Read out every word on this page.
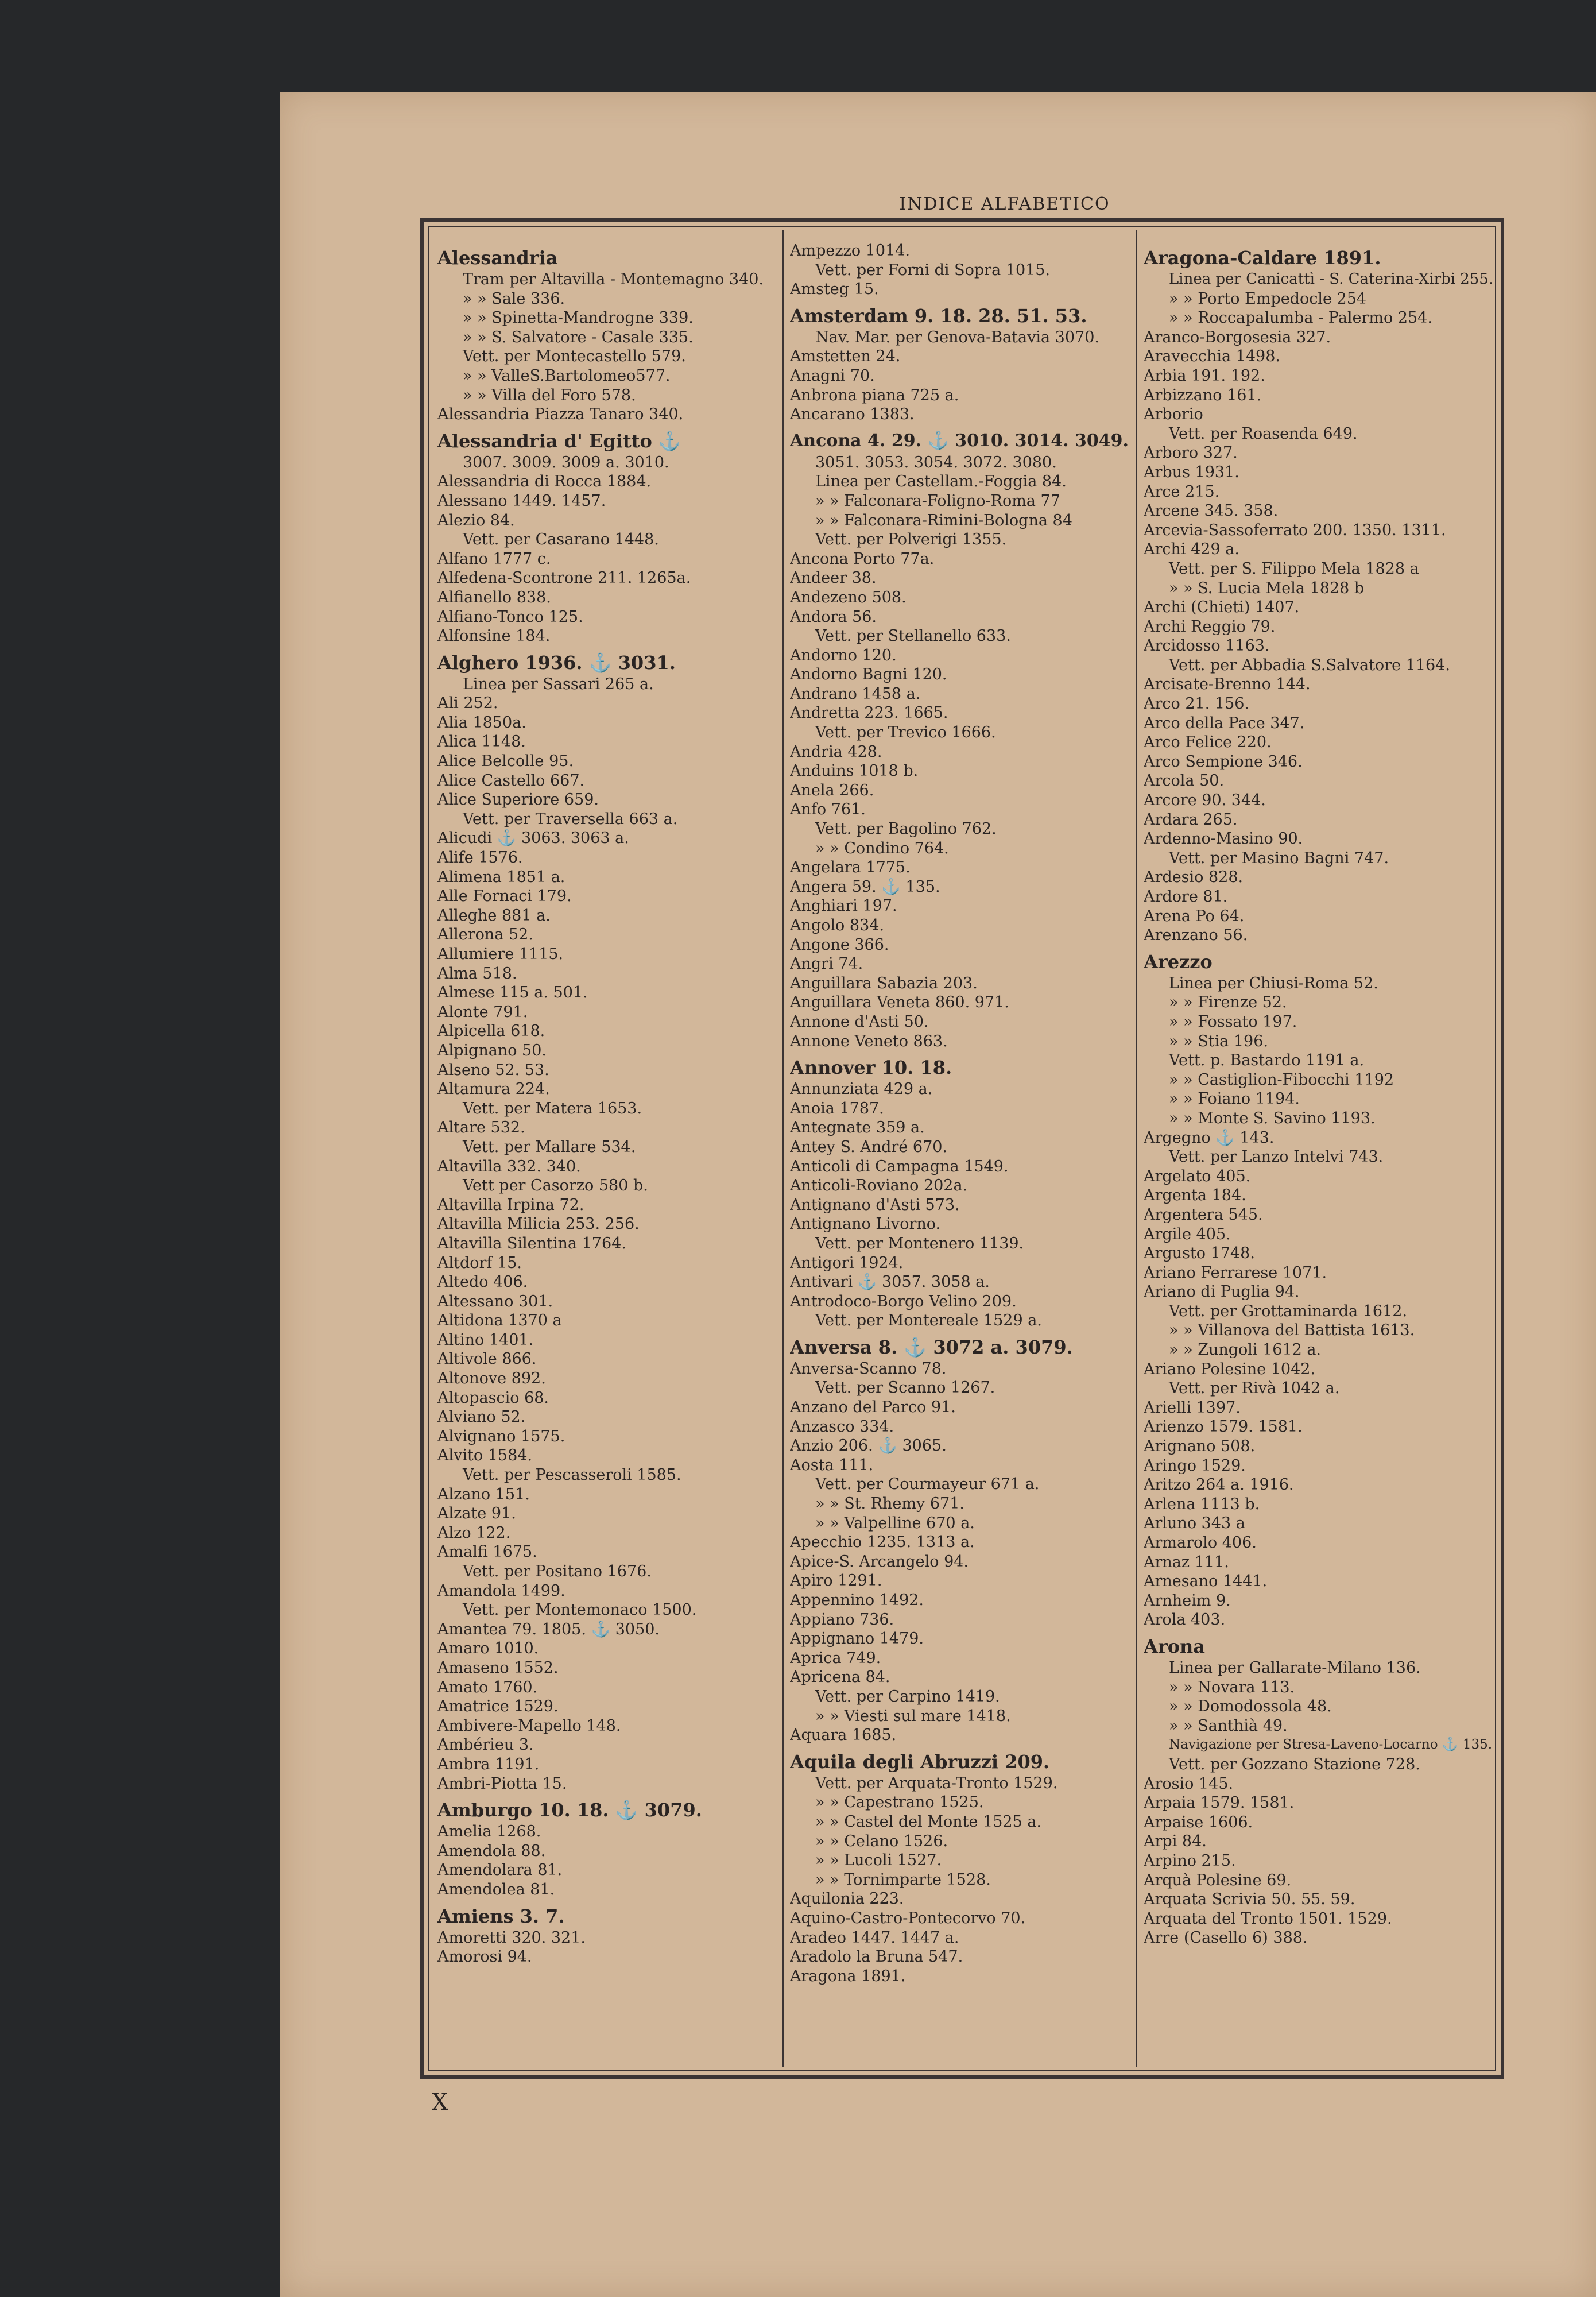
INDICE ALFABETICO
Alessandria
Tram per Altavilla - Montemagno 340.
» » Sale 336.
» » Spinetta-Mandrogne 339.
» » S. Salvatore - Casale 335.
Vett. per Montecastello 579.
» » ValleS.Bartolomeo577.
» » Villa del Foro 578.
Alessandria Piazza Tanaro 340.
Alessandria d' Egitto ⚓
3007. 3009. 3009 a. 3010.
Alessandria di Rocca 1884.
Alessano 1449. 1457.
Alezio 84.
Vett. per Casarano 1448.
Alfano 1777 c.
Alfedena-Scontrone 211. 1265a.
Alfianello 838.
Alfiano-Tonco 125.
Alfonsine 184.
Alghero 1936. ⚓ 3031.
Linea per Sassari 265 a.
Ali 252.
Alia 1850a.
Alica 1148.
Alice Belcolle 95.
Alice Castello 667.
Alice Superiore 659.
Vett. per Traversella 663 a.
Alicudi ⚓ 3063. 3063 a.
Alife 1576.
Alimena 1851 a.
Alle Fornaci 179.
Alleghe 881 a.
Allerona 52.
Allumiere 1115.
Alma 518.
Almese 115 a. 501.
Alonte 791.
Alpicella 618.
Alpignano 50.
Alseno 52. 53.
Altamura 224.
Vett. per Matera 1653.
Altare 532.
Vett. per Mallare 534.
Altavilla 332. 340.
Vett per Casorzo 580 b.
Altavilla Irpina 72.
Altavilla Milicia 253. 256.
Altavilla Silentina 1764.
Altdorf 15.
Altedo 406.
Altessano 301.
Altidona 1370 a
Altino 1401.
Altivole 866.
Altonove 892.
Altopascio 68.
Alviano 52.
Alvignano 1575.
Alvito 1584.
Vett. per Pescasseroli 1585.
Alzano 151.
Alzate 91.
Alzo 122.
Amalfi 1675.
Vett. per Positano 1676.
Amandola 1499.
Vett. per Montemonaco 1500.
Amantea 79. 1805. ⚓ 3050.
Amaro 1010.
Amaseno 1552.
Amato 1760.
Amatrice 1529.
Ambivere-Mapello 148.
Ambérieu 3.
Ambra 1191.
Ambri-Piotta 15.
Amburgo 10. 18. ⚓ 3079.
Amelia 1268.
Amendola 88.
Amendolara 81.
Amendolea 81.
Amiens 3. 7.
Amoretti 320. 321.
Amorosi 94.
Ampezzo 1014.
Vett. per Forni di Sopra 1015.
Amsteg 15.
Amsterdam 9. 18. 28. 51. 53.
Nav. Mar. per Genova-Batavia 3070.
Amstetten 24.
Anagni 70.
Anbrona piana 725 a.
Ancarano 1383.
Ancona 4. 29. ⚓ 3010. 3014. 3049.
3051. 3053. 3054. 3072. 3080.
Linea per Castellam.-Foggia 84.
» » Falconara-Foligno-Roma 77
» » Falconara-Rimini-Bologna 84
Vett. per Polverigi 1355.
Ancona Porto 77a.
Andeer 38.
Andezeno 508.
Andora 56.
Vett. per Stellanello 633.
Andorno 120.
Andorno Bagni 120.
Andrano 1458 a.
Andretta 223. 1665.
Vett. per Trevico 1666.
Andria 428.
Anduins 1018 b.
Anela 266.
Anfo 761.
Vett. per Bagolino 762.
» » Condino 764.
Angelara 1775.
Angera 59. ⚓ 135.
Anghiari 197.
Angolo 834.
Angone 366.
Angri 74.
Anguillara Sabazia 203.
Anguillara Veneta 860. 971.
Annone d'Asti 50.
Annone Veneto 863.
Annover 10. 18.
Annunziata 429 a.
Anoia 1787.
Antegnate 359 a.
Antey S. André 670.
Anticoli di Campagna 1549.
Anticoli-Roviano 202a.
Antignano d'Asti 573.
Antignano Livorno.
Vett. per Montenero 1139.
Antigori 1924.
Antivari ⚓ 3057. 3058 a.
Antrodoco-Borgo Velino 209.
Vett. per Montereale 1529 a.
Anversa 8. ⚓ 3072 a. 3079.
Anversa-Scanno 78.
Vett. per Scanno 1267.
Anzano del Parco 91.
Anzasco 334.
Anzio 206. ⚓ 3065.
Aosta 111.
Vett. per Courmayeur 671 a.
» » St. Rhemy 671.
» » Valpelline 670 a.
Apecchio 1235. 1313 a.
Apice-S. Arcangelo 94.
Apiro 1291.
Appennino 1492.
Appiano 736.
Appignano 1479.
Aprica 749.
Apricena 84.
Vett. per Carpino 1419.
» » Viesti sul mare 1418.
Aquara 1685.
Aquila degli Abruzzi 209.
Vett. per Arquata-Tronto 1529.
» » Capestrano 1525.
» » Castel del Monte 1525 a.
» » Celano 1526.
» » Lucoli 1527.
» » Tornimparte 1528.
Aquilonia 223.
Aquino-Castro-Pontecorvo 70.
Aradeo 1447. 1447 a.
Aradolo la Bruna 547.
Aragona 1891.
Aragona-Caldare 1891.
Linea per Canicattì - S. Caterina-Xirbi 255.
» » Porto Empedocle 254
» » Roccapalumba - Palermo 254.
Aranco-Borgosesia 327.
Aravecchia 1498.
Arbia 191. 192.
Arbizzano 161.
Arborio
Vett. per Roasenda 649.
Arboro 327.
Arbus 1931.
Arce 215.
Arcene 345. 358.
Arcevia-Sassoferrato 200. 1350. 1311.
Archi 429 a.
Vett. per S. Filippo Mela 1828 a
» » S. Lucia Mela 1828 b
Archi (Chieti) 1407.
Archi Reggio 79.
Arcidosso 1163.
Vett. per Abbadia S.Salvatore 1164.
Arcisate-Brenno 144.
Arco 21. 156.
Arco della Pace 347.
Arco Felice 220.
Arco Sempione 346.
Arcola 50.
Arcore 90. 344.
Ardara 265.
Ardenno-Masino 90.
Vett. per Masino Bagni 747.
Ardesio 828.
Ardore 81.
Arena Po 64.
Arenzano 56.
Arezzo
Linea per Chiusi-Roma 52.
» » Firenze 52.
» » Fossato 197.
» » Stia 196.
Vett. p. Bastardo 1191 a.
» » Castiglion-Fibocchi 1192
» » Foiano 1194.
» » Monte S. Savino 1193.
Argegno ⚓ 143.
Vett. per Lanzo Intelvi 743.
Argelato 405.
Argenta 184.
Argentera 545.
Argile 405.
Argusto 1748.
Ariano Ferrarese 1071.
Ariano di Puglia 94.
Vett. per Grottaminarda 1612.
» » Villanova del Battista 1613.
» » Zungoli 1612 a.
Ariano Polesine 1042.
Vett. per Rivà 1042 a.
Arielli 1397.
Arienzo 1579. 1581.
Arignano 508.
Aringo 1529.
Aritzo 264 a. 1916.
Arlena 1113 b.
Arluno 343 a
Armarolo 406.
Arnaz 111.
Arnesano 1441.
Arnheim 9.
Arola 403.
Arona
Linea per Gallarate-Milano 136.
» » Novara 113.
» » Domodossola 48.
» » Santhià 49.
Navigazione per Stresa-Laveno-Locarno ⚓ 135.
Vett. per Gozzano Stazione 728.
Arosio 145.
Arpaia 1579. 1581.
Arpaise 1606.
Arpi 84.
Arpino 215.
Arquà Polesine 69.
Arquata Scrivia 50. 55. 59.
Arquata del Tronto 1501. 1529.
Arre (Casello 6) 388.
X
